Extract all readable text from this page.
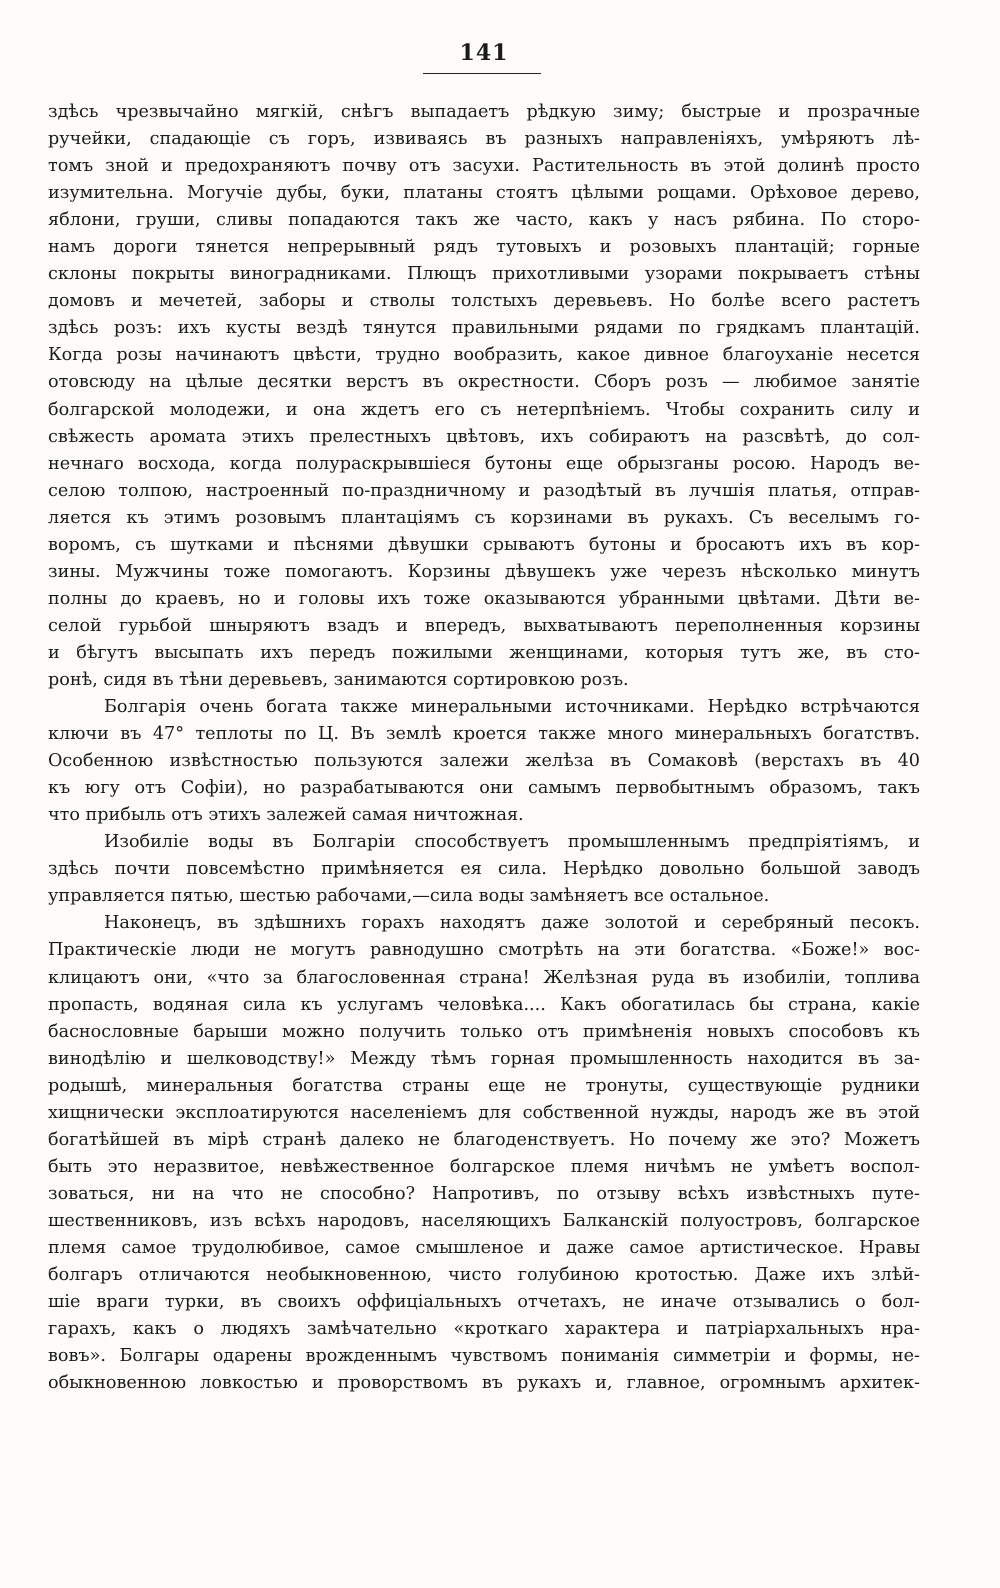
141
здѣсь чрезвычайно мягкій, снѣгъ выпадаетъ рѣдкую зиму; быстрые и прозрачные
ручейки, спадающіе съ горъ, извиваясь въ разныхъ направленіяхъ, умѣряютъ лѣ-
томъ зной и предохраняютъ почву отъ засухи. Растительность въ этой долинѣ просто
изумительна. Могучіе дубы, буки, платаны стоятъ цѣлыми рощами. Орѣховое дерево,
яблони, груши, сливы попадаются такъ же часто, какъ у насъ рябина. По сторо-
намъ дороги тянется непрерывный рядъ тутовыхъ и розовыхъ плантацій; горные
склоны покрыты виноградниками. Плющъ прихотливыми узорами покрываетъ стѣны
домовъ и мечетей, заборы и стволы толстыхъ деревьевъ. Но болѣе всего растетъ
здѣсь розъ: ихъ кусты вездѣ тянутся правильными рядами по грядкамъ плантацій.
Когда розы начинаютъ цвѣсти, трудно вообразить, какое дивное благоуханіе несется
отовсюду на цѣлые десятки верстъ въ окрестности. Сборъ розъ — любимое занятіе
болгарской молодежи, и она ждетъ его съ нетерпѣніемъ. Чтобы сохранить силу и
свѣжесть аромата этихъ прелестныхъ цвѣтовъ, ихъ собираютъ на разсвѣтѣ, до сол-
нечнаго восхода, когда полураскрывшіеся бутоны еще обрызганы росою. Народъ ве-
селою толпою, настроенный по-праздничному и разодѣтый въ лучшія платья, отправ-
ляется къ этимъ розовымъ плантаціямъ съ корзинами въ рукахъ. Съ веселымъ го-
воромъ, съ шутками и пѣснями дѣвушки срываютъ бутоны и бросаютъ ихъ въ кор-
зины. Мужчины тоже помогаютъ. Корзины дѣвушекъ уже черезъ нѣсколько минутъ
полны до краевъ, но и головы ихъ тоже оказываются убранными цвѣтами. Дѣти ве-
селой гурьбой шныряютъ взадъ и впередъ, выхватываютъ переполненныя корзины
и бѣгутъ высыпать ихъ передъ пожилыми женщинами, которыя тутъ же, въ сто-
ронѣ, сидя въ тѣни деревьевъ, занимаются сортировкою розъ.
Болгарія очень богата также минеральными источниками. Нерѣдко встрѣчаются
ключи въ 47° теплоты по Ц. Въ землѣ кроется также много минеральныхъ богатствъ.
Особенною извѣстностью пользуются залежи желѣза въ Сомаковѣ (верстахъ въ 40
къ югу отъ Софіи), но разрабатываются они самымъ первобытнымъ образомъ, такъ
что прибыль отъ этихъ залежей самая ничтожная.
Изобиліе воды въ Болгаріи способствуетъ промышленнымъ предпріятіямъ, и
здѣсь почти повсемѣстно примѣняется ея сила. Нерѣдко довольно большой заводъ
управляется пятью, шестью рабочами,—сила воды замѣняетъ все остальное.
Наконецъ, въ здѣшнихъ горахъ находятъ даже золотой и серебряный песокъ.
Практическіе люди не могутъ равнодушно смотрѣть на эти богатства. «Боже!» вос-
клицаютъ они, «что за благословенная страна! Желѣзная руда въ изобиліи, топлива
пропасть, водяная сила къ услугамъ человѣка.... Какъ обогатилась бы страна, какіе
баснословные барыши можно получить только отъ примѣненія новыхъ способовъ къ
винодѣлію и шелководству!» Между тѣмъ горная промышленность находится въ за-
родышѣ, минеральныя богатства страны еще не тронуты, существующіе рудники
хищнически эксплоатируются населеніемъ для собственной нужды, народъ же въ этой
богатѣйшей въ мірѣ странѣ далеко не благоденствуетъ. Но почему же это? Можетъ
быть это неразвитое, невѣжественное болгарское племя ничѣмъ не умѣетъ воспол-
зоваться, ни на что не способно? Напротивъ, по отзыву всѣхъ извѣстныхъ путе-
шественниковъ, изъ всѣхъ народовъ, населяющихъ Балканскій полуостровъ, болгарское
племя самое трудолюбивое, самое смышленое и даже самое артистическое. Нравы
болгаръ отличаются необыкновенною, чисто голубиною кротостью. Даже ихъ злѣй-
шіе враги турки, въ своихъ оффиціальныхъ отчетахъ, не иначе отзывались о бол-
гарахъ, какъ о людяхъ замѣчательно «кроткаго характера и патріархальныхъ нра-
вовъ». Болгары одарены врожденнымъ чувствомъ пониманія симметріи и формы, не-
обыкновенною ловкостью и проворствомъ въ рукахъ и, главное, огромнымъ архитек-
